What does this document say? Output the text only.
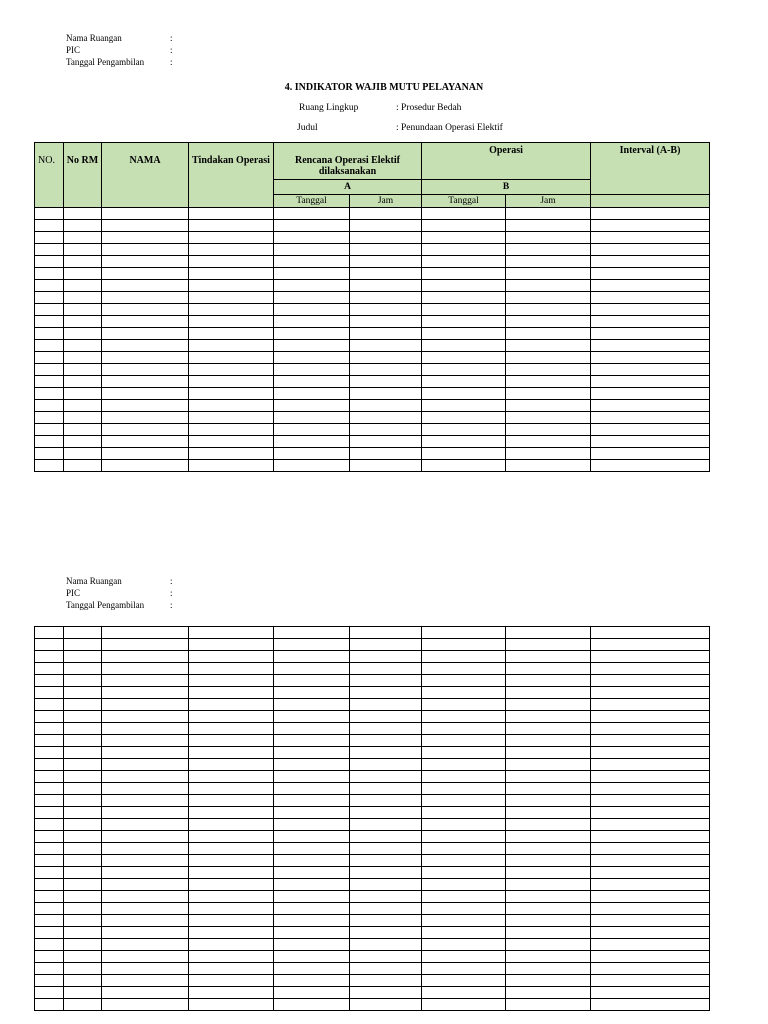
Nama Ruangan	:
PIC	:
Tanggal Pengambilan	:
4. INDIKATOR WAJIB MUTU PELAYANAN
Ruang Lingkup	: Prosedur Bedah
Judul	: Penundaan Operasi Elektif
NO.	No RM	NAMA	Tindakan Operasi	Rencana Operasi Elektif dilaksanakan		Operasi		Interval (A-B)
				A		B		
				Tanggal	Jam	Tanggal	Jam	

Nama Ruangan	:
PIC	:
Tanggal Pengambilan	:
